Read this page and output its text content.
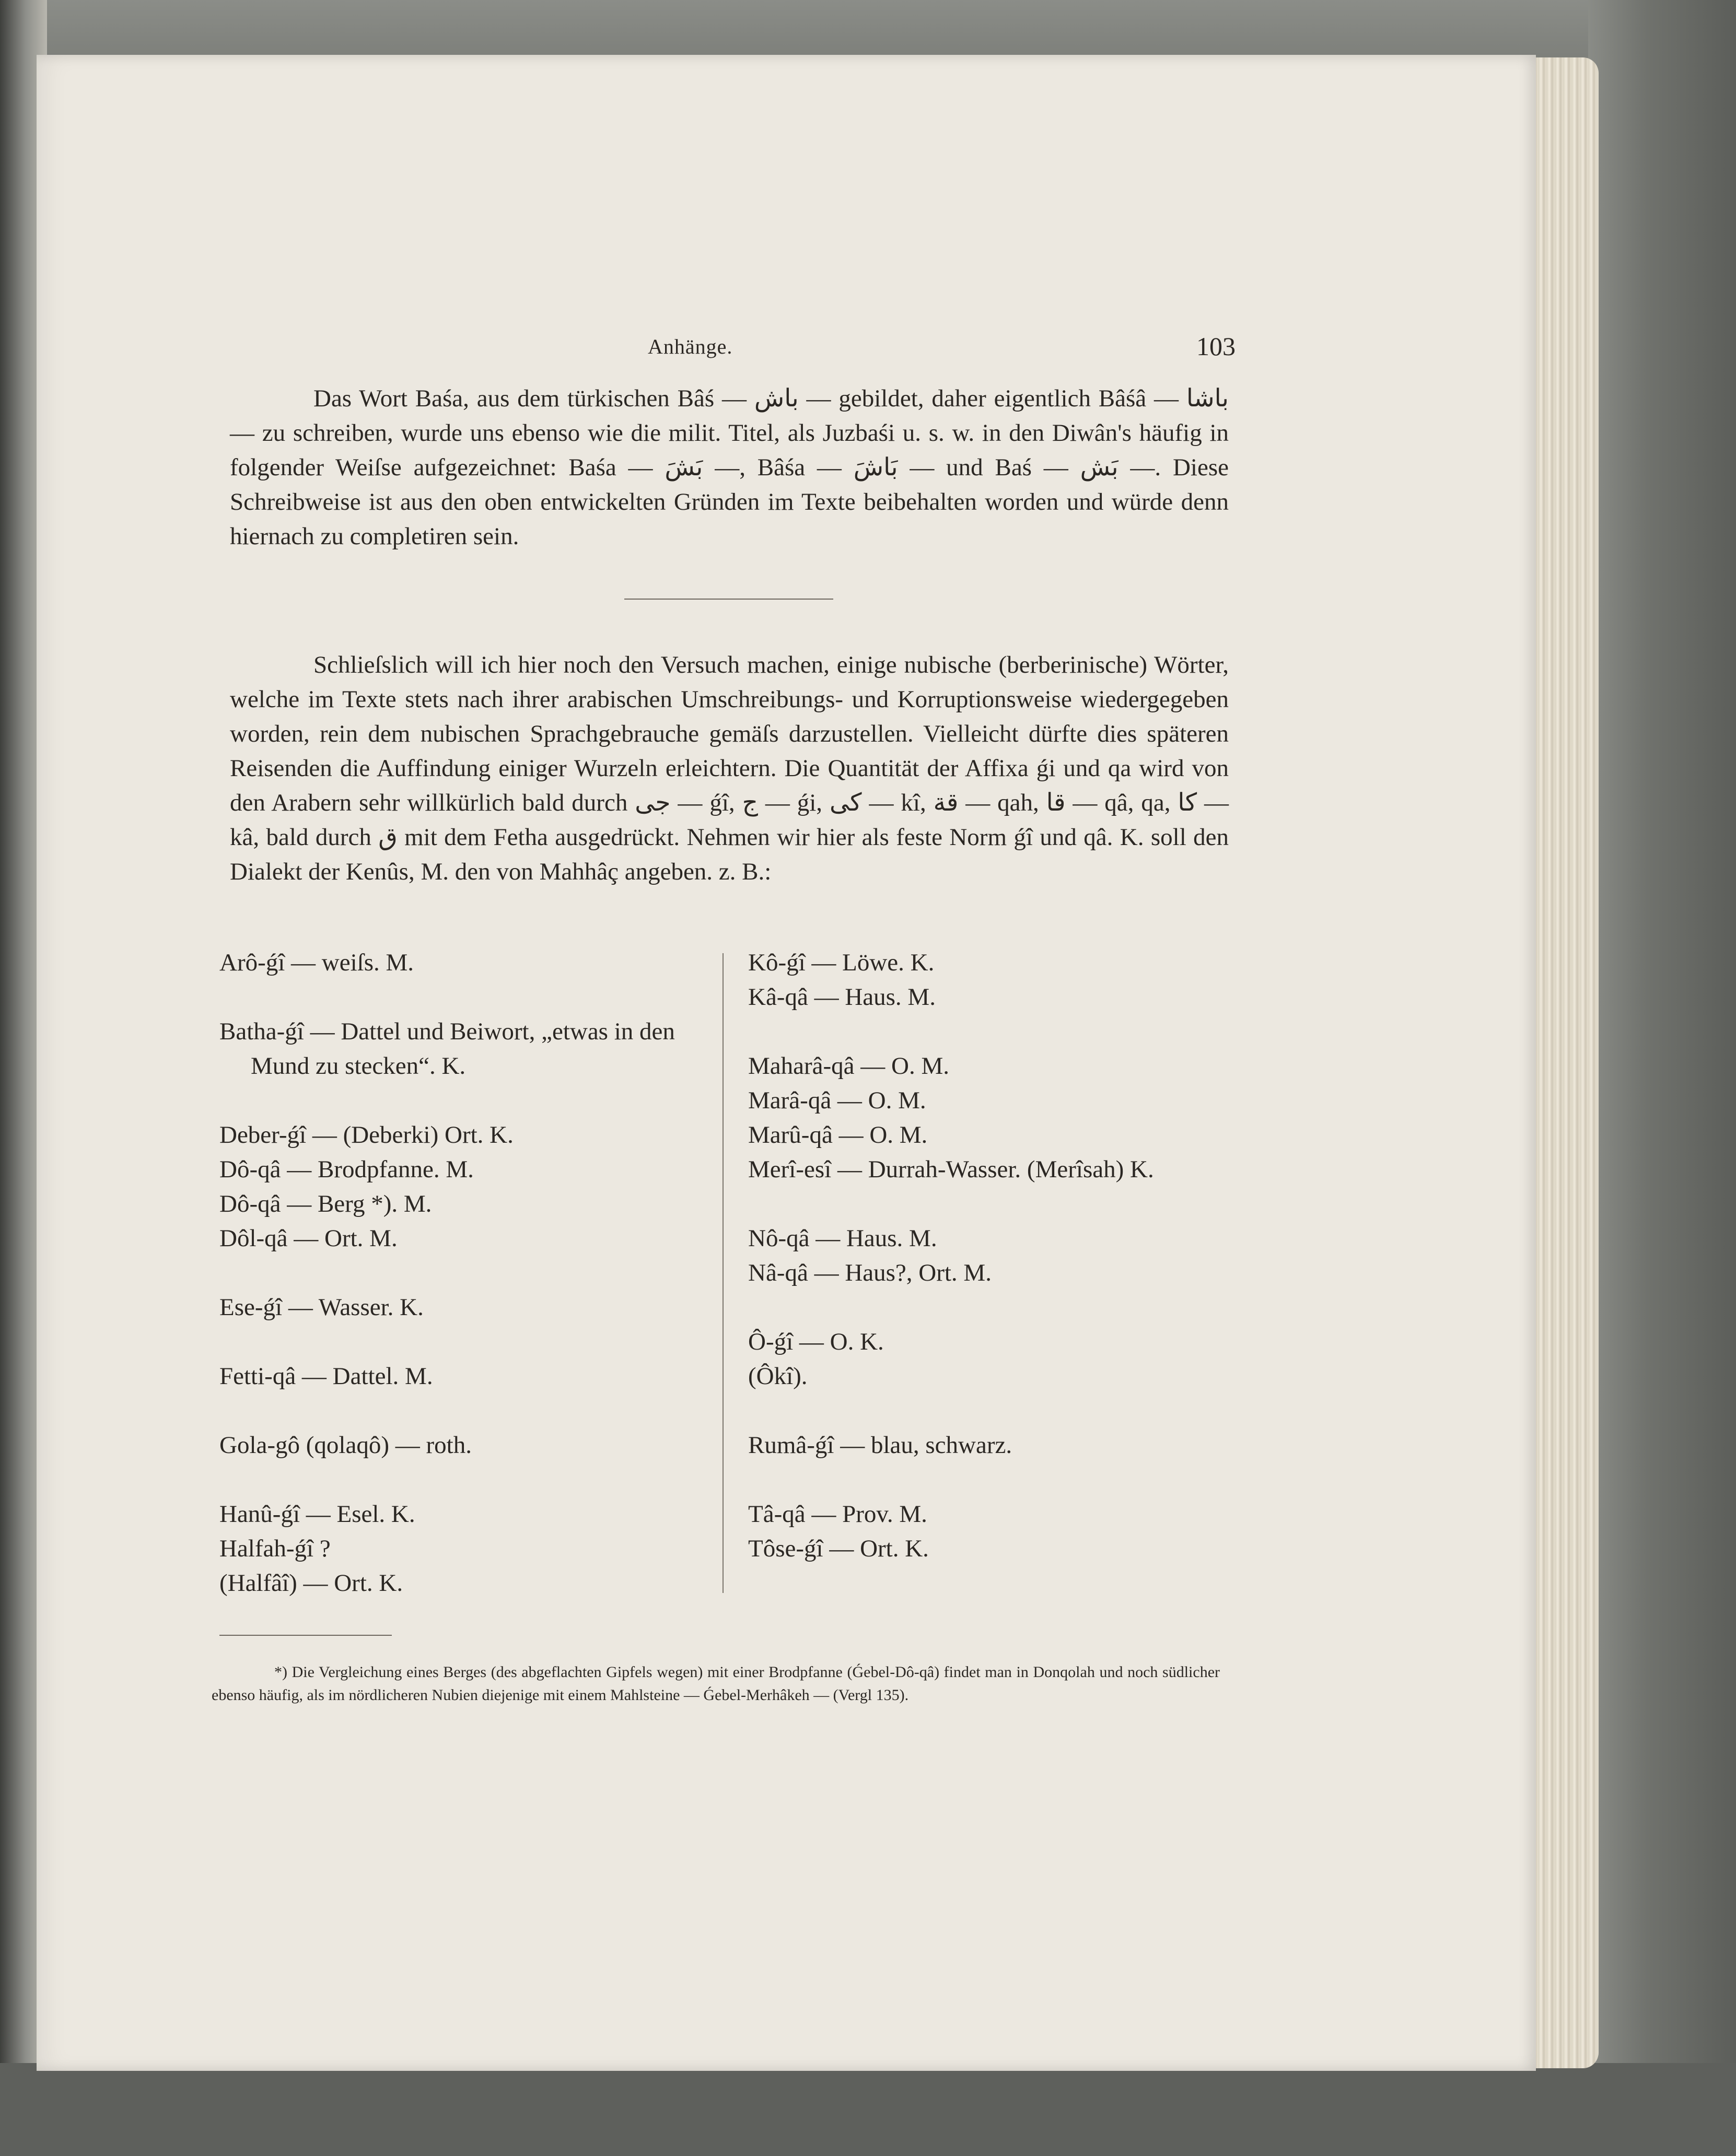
Anhänge.	103

Das Wort Baśa, aus dem türkischen Bâś — باش — gebildet, daher eigentlich Bâśâ — باشا — zu schreiben, wurde uns ebenso wie die milit. Titel, als Juzbaśi u. s. w. in den Diwân's häufig in folgender Weiſse aufgezeichnet: Baśa — بَشَ —, Bâśa — بَاشَ — und Baś — بَش —. Diese Schreibweise ist aus den oben entwickelten Gründen im Texte beibehalten worden und würde denn hiernach zu completiren sein.

Schlieſslich will ich hier noch den Versuch machen, einige nubische (berberinische) Wörter, welche im Texte stets nach ihrer arabischen Umschreibungs- und Korruptionsweise wiedergegeben worden, rein dem nubischen Sprachgebrauche gemäſs darzustellen. Vielleicht dürfte dies späteren Reisenden die Auffindung einiger Wurzeln erleichtern. Die Quantität der Affixa ǵi und qa wird von den Arabern sehr willkürlich bald durch جى — ǵî, ج — ǵi, كى — kî, قة — qah, قا — qâ, qa, كا — kâ, bald durch ق mit dem Fetha ausgedrückt. Nehmen wir hier als feste Norm ǵî und qâ. K. soll den Dialekt der Kenûs, M. den von Mahhâç angeben. z. B.:

Arô-ǵî — weiſs. M.
Batha-ǵî — Dattel und Beiwort, „etwas in den Mund zu stecken“. K.
Deber-ǵî — (Deberki) Ort. K.
Dô-qâ — Brodpfanne. M.
Dô-qâ — Berg *). M.
Dôl-qâ — Ort. M.
Ese-ǵî — Wasser. K.
Fetti-qâ — Dattel. M.
Gola-gô (qolaqô) — roth.
Hanû-ǵî — Esel. K.
Halfah-ǵî ?
(Halfâî) — Ort. K.
Kô-ǵî — Löwe. K.
Kâ-qâ — Haus. M.
Maharâ-qâ — O. M.
Marâ-qâ — O. M.
Marû-qâ — O. M.
Merî-esî — Durrah-Wasser. (Merîsah) K.
Nô-qâ — Haus. M.
Nâ-qâ — Haus?, Ort. M.
Ô-ǵî — O. K.
(Ôkî).
Rumâ-ǵî — blau, schwarz.
Tâ-qâ — Prov. M.
Tôse-ǵî — Ort. K.

*) Die Vergleichung eines Berges (des abgeflachten Gipfels wegen) mit einer Brodpfanne (Ǵebel-Dô-qâ) findet man in Donqolah und noch südlicher ebenso häufig, als im nördlicheren Nubien diejenige mit einem Mahlsteine — Ǵebel-Merhâkeh — (Vergl 135).
